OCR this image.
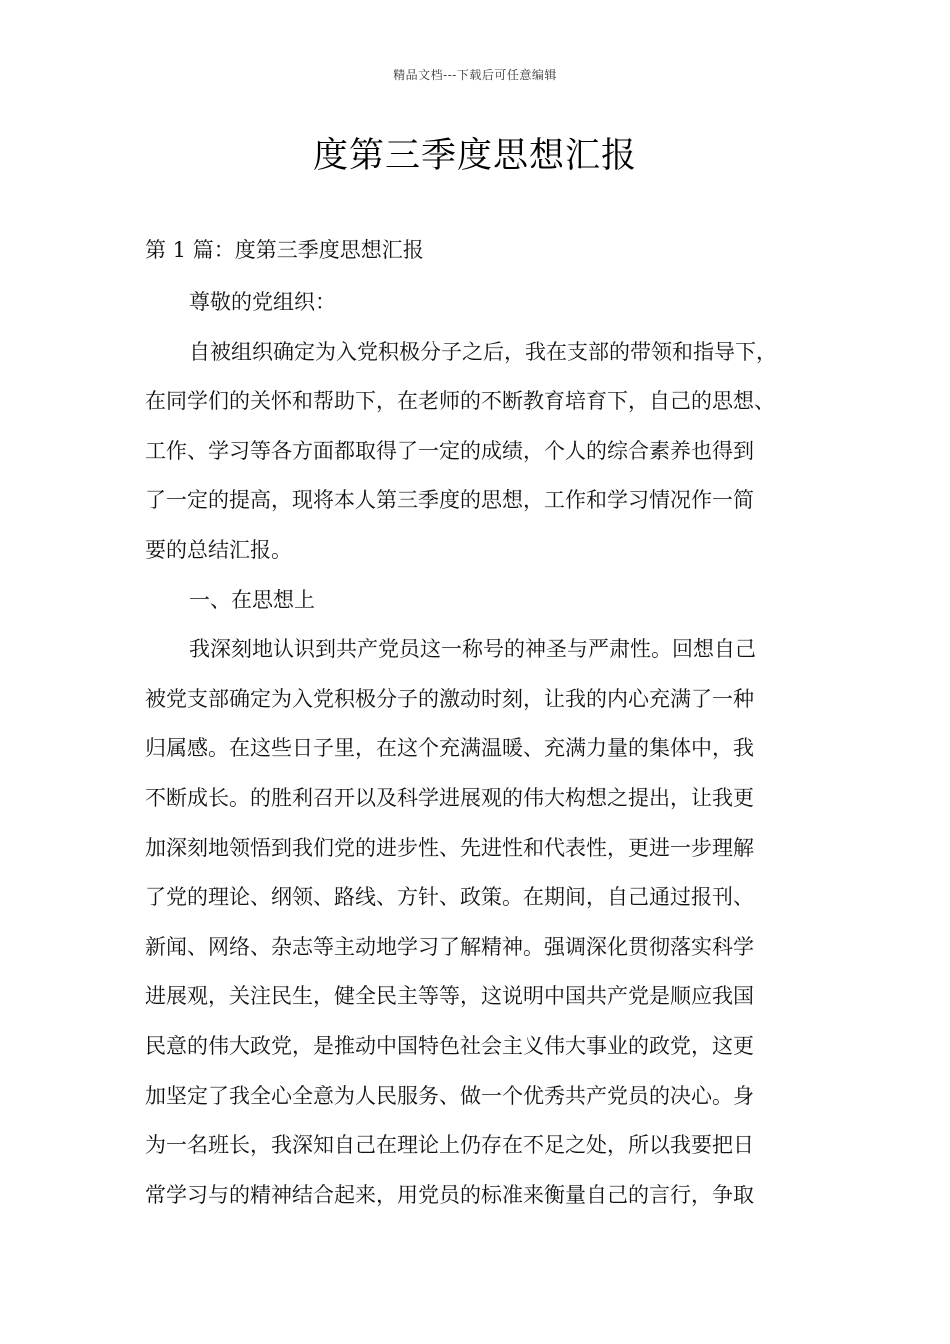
精品文档---下载后可任意编辑
度第三季度思想汇报
第 1 篇：度第三季度思想汇报
尊敬的党组织：
自被组织确定为入党积极分子之后，我在支部的带领和指导下，
在同学们的关怀和帮助下，在老师的不断教育培育下，自己的思想、
工作、学习等各方面都取得了一定的成绩，个人的综合素养也得到
了一定的提高，现将本人第三季度的思想，工作和学习情况作一简
要的总结汇报。
一、在思想上
我深刻地认识到共产党员这一称号的神圣与严肃性。回想自己
被党支部确定为入党积极分子的激动时刻，让我的内心充满了一种
归属感。在这些日子里，在这个充满温暖、充满力量的集体中，我
不断成长。的胜利召开以及科学进展观的伟大构想之提出，让我更
加深刻地领悟到我们党的进步性、先进性和代表性，更进一步理解
了党的理论、纲领、路线、方针、政策。在期间，自己通过报刊、
新闻、网络、杂志等主动地学习了解精神。强调深化贯彻落实科学
进展观，关注民生，健全民主等等，这说明中国共产党是顺应我国
民意的伟大政党，是推动中国特色社会主义伟大事业的政党，这更
加坚定了我全心全意为人民服务、做一个优秀共产党员的决心。身
为一名班长，我深知自己在理论上仍存在不足之处，所以我要把日
常学习与的精神结合起来，用党员的标准来衡量自己的言行，争取
